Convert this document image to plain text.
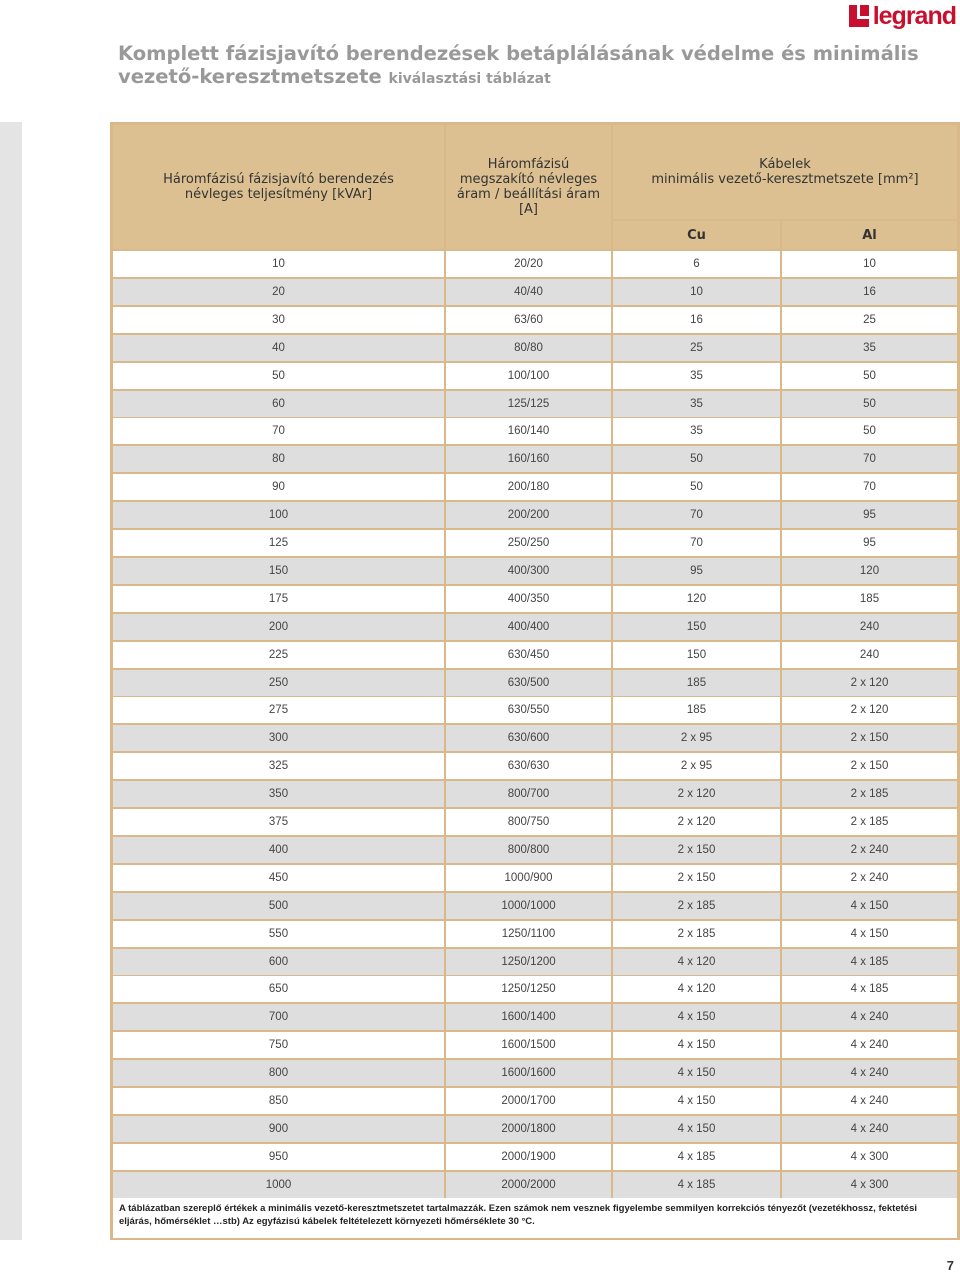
legrand
Komplett fázisjavító berendezések betáplálásának védelme és minimális vezető-keresztmetszete kiválasztási táblázat
Háromfázisú fázisjavító berendezés névleges teljesítmény [kVAr]
Háromfázisú megszakító névleges áram / beállítási áram [A]
Kábelek
minimális vezető-keresztmetszete [mm²]
Cu	Al
10	20/20	6	10
20	40/40	10	16
30	63/60	16	25
40	80/80	25	35
50	100/100	35	50
60	125/125	35	50
70	160/140	35	50
80	160/160	50	70
90	200/180	50	70
100	200/200	70	95
125	250/250	70	95
150	400/300	95	120
175	400/350	120	185
200	400/400	150	240
225	630/450	150	240
250	630/500	185	2 x 120
275	630/550	185	2 x 120
300	630/600	2 x 95	2 x 150
325	630/630	2 x 95	2 x 150
350	800/700	2 x 120	2 x 185
375	800/750	2 x 120	2 x 185
400	800/800	2 x 150	2 x 240
450	1000/900	2 x 150	2 x 240
500	1000/1000	2 x 185	4 x 150
550	1250/1100	2 x 185	4 x 150
600	1250/1200	4 x 120	4 x 185
650	1250/1250	4 x 120	4 x 185
700	1600/1400	4 x 150	4 x 240
750	1600/1500	4 x 150	4 x 240
800	1600/1600	4 x 150	4 x 240
850	2000/1700	4 x 150	4 x 240
900	2000/1800	4 x 150	4 x 240
950	2000/1900	4 x 185	4 x 300
1000	2000/2000	4 x 185	4 x 300
A táblázatban szereplő értékek a minimális vezető-keresztmetszetet tartalmazzák. Ezen számok nem vesznek figyelembe semmilyen korrekciós tényezőt (vezetékhossz, fektetési eljárás, hőmérséklet …stb) Az egyfázisú kábelek feltételezett környezeti hőmérséklete 30 °C.
7
